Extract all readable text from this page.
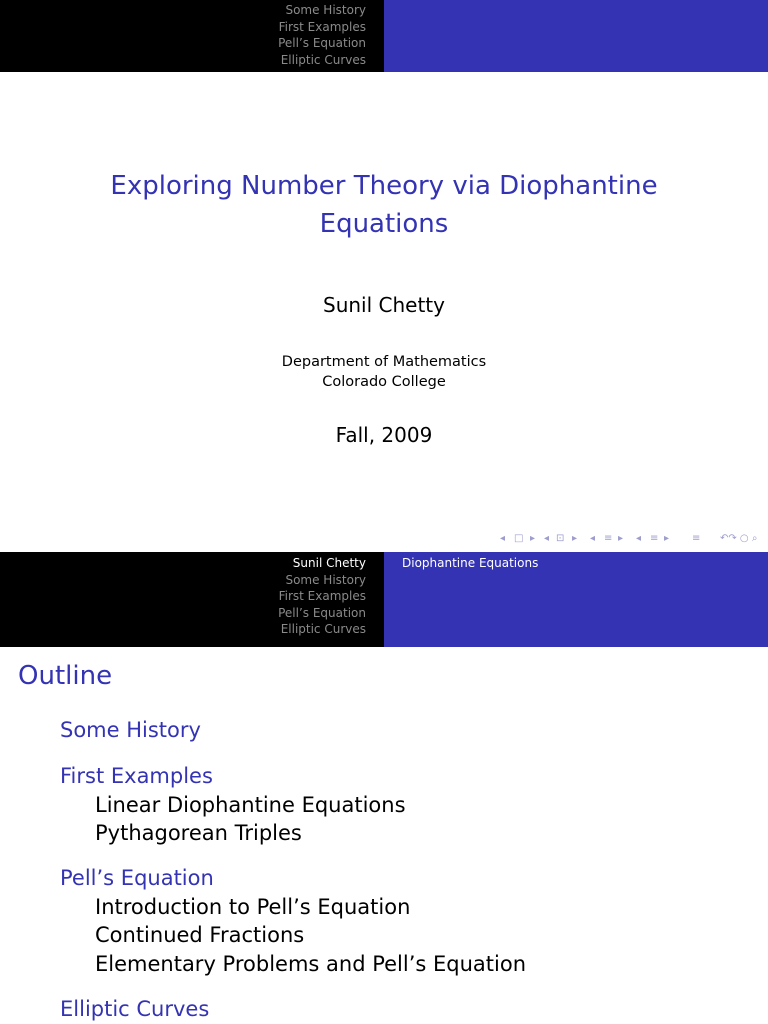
Some History
First Examples
Pell’s Equation
Elliptic Curves
Exploring Number Theory via Diophantine
Equations
Sunil Chetty
Department of Mathematics
Colorado College
Fall, 2009
◂ □ ▸ ◂ ⊡ ▸ ◂ ≡ ▸ ◂ ≡ ▸ ≡ ↶↷ ○ ⌕
Sunil Chetty
Some History
First Examples
Pell’s Equation
Elliptic Curves
Diophantine Equations
Outline
Some History
First Examples
Linear Diophantine Equations
Pythagorean Triples
Pell’s Equation
Introduction to Pell’s Equation
Continued Fractions
Elementary Problems and Pell’s Equation
Elliptic Curves
